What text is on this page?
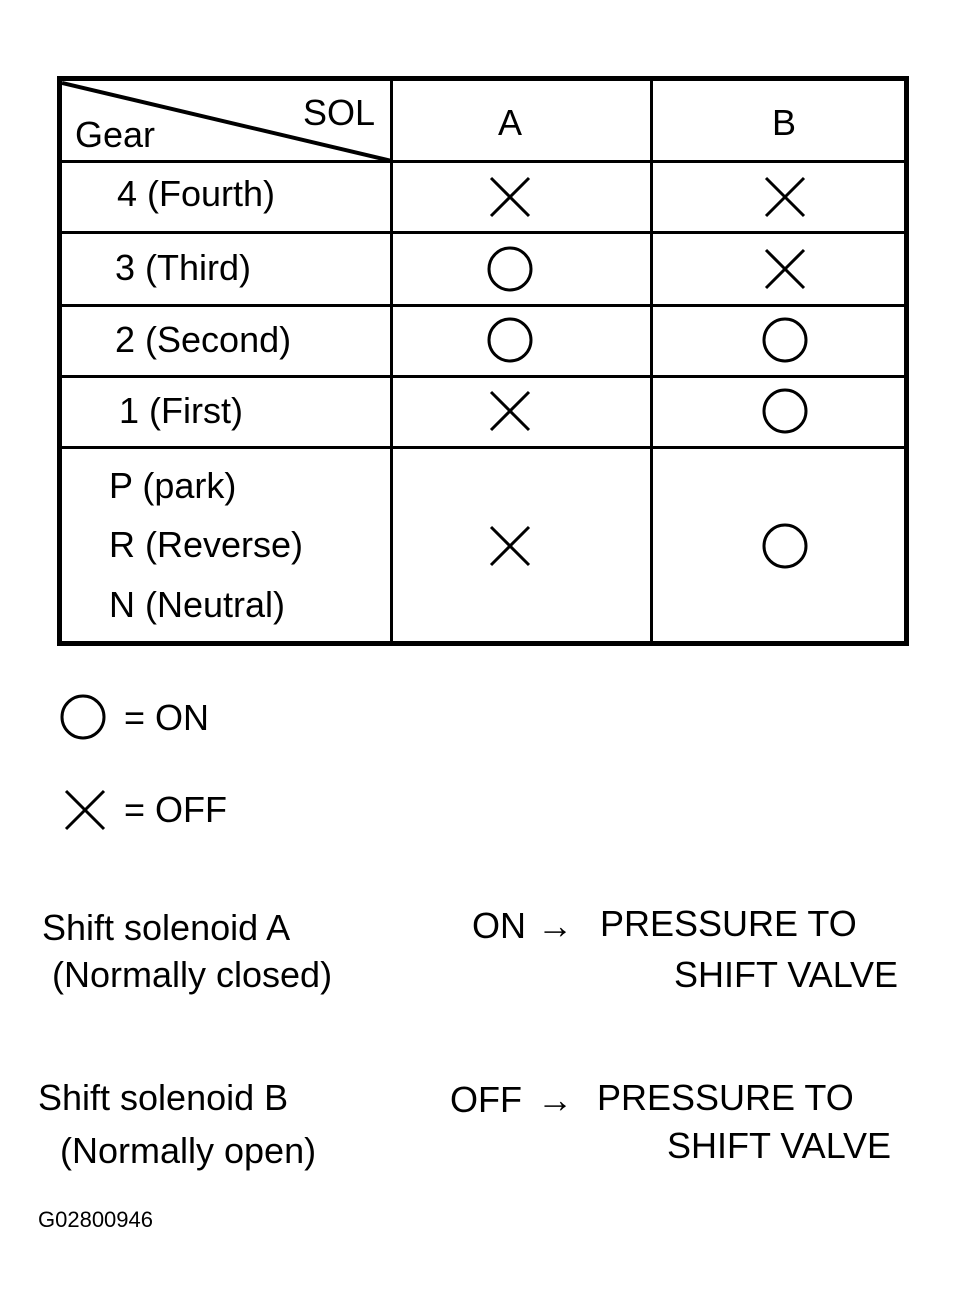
SOL
Gear	A	B
4 (Fourth)
3 (Third)
2 (Second)
1 (First)
P (park)
R (Reverse)
N (Neutral)
= ON
= OFF
Shift solenoid A
(Normally closed)
ON → PRESSURE TO
SHIFT VALVE
Shift solenoid B
(Normally open)
OFF → PRESSURE TO
SHIFT VALVE
G02800946
